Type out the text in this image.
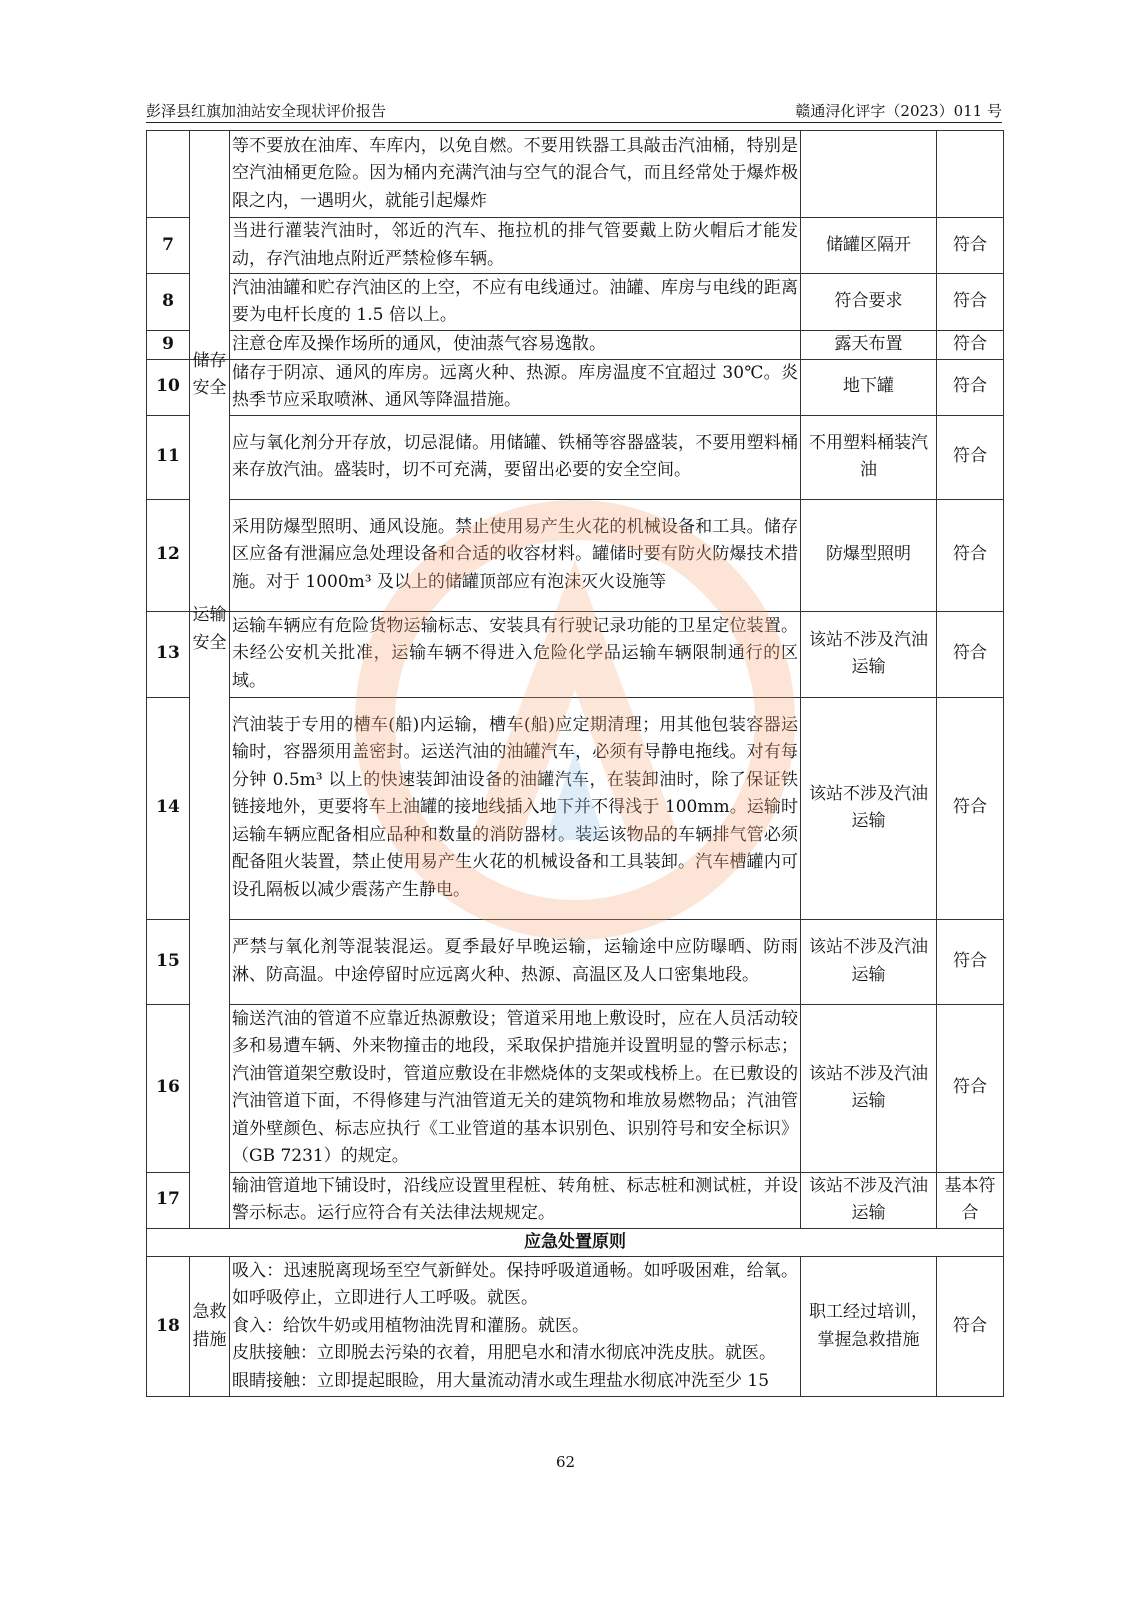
彭泽县红旗加油站安全现状评价报告	赣通浔化评字（2023）011 号
		等不要放在油库、车库内，以免自燃。不要用铁器工具敲击汽油桶，特别是空汽油桶更危险。因为桶内充满汽油与空气的混合气，而且经常处于爆炸极限之内，一遇明火，就能引起爆炸		
7		当进行灌装汽油时，邻近的汽车、拖拉机的排气管要戴上防火帽后才能发动，存汽油地点附近严禁检修车辆。	储罐区隔开	符合
8		汽油油罐和贮存汽油区的上空，不应有电线通过。油罐、库房与电线的距离要为电杆长度的 1.5 倍以上。	符合要求	符合
9		注意仓库及操作场所的通风，使油蒸气容易逸散。	露天布置	符合
10	储存安全	储存于阴凉、通风的库房。远离火种、热源。库房温度不宜超过 30℃。炎热季节应采取喷淋、通风等降温措施。	地下罐	符合
11		应与氧化剂分开存放，切忌混储。用储罐、铁桶等容器盛装，不要用塑料桶来存放汽油。盛装时，切不可充满，要留出必要的安全空间。	不用塑料桶装汽油	符合
12		采用防爆型照明、通风设施。禁止使用易产生火花的机械设备和工具。储存区应备有泄漏应急处理设备和合适的收容材料。罐储时要有防火防爆技术措施。对于 1000m³ 及以上的储罐顶部应有泡沫灭火设施等	防爆型照明	符合
13	运输安全	运输车辆应有危险货物运输标志、安装具有行驶记录功能的卫星定位装置。未经公安机关批准，运输车辆不得进入危险化学品运输车辆限制通行的区域。	该站不涉及汽油运输	符合
14		汽油装于专用的槽车(船)内运输，槽车(船)应定期清理；用其他包装容器运输时，容器须用盖密封。运送汽油的油罐汽车，必须有导静电拖线。对有每分钟 0.5m³ 以上的快速装卸油设备的油罐汽车，在装卸油时，除了保证铁链接地外，更要将车上油罐的接地线插入地下并不得浅于 100mm。运输时运输车辆应配备相应品种和数量的消防器材。装运该物品的车辆排气管必须配备阻火装置，禁止使用易产生火花的机械设备和工具装卸。汽车槽罐内可设孔隔板以减少震荡产生静电。	该站不涉及汽油运输	符合
15		严禁与氧化剂等混装混运。夏季最好早晚运输，运输途中应防曝晒、防雨淋、防高温。中途停留时应远离火种、热源、高温区及人口密集地段。	该站不涉及汽油运输	符合
16		输送汽油的管道不应靠近热源敷设；管道采用地上敷设时，应在人员活动较多和易遭车辆、外来物撞击的地段，采取保护措施并设置明显的警示标志；汽油管道架空敷设时，管道应敷设在非燃烧体的支架或栈桥上。在已敷设的汽油管道下面，不得修建与汽油管道无关的建筑物和堆放易燃物品；汽油管道外壁颜色、标志应执行《工业管道的基本识别色、识别符号和安全标识》（GB 7231）的规定。	该站不涉及汽油运输	符合
17		输油管道地下铺设时，沿线应设置里程桩、转角桩、标志桩和测试桩，并设警示标志。运行应符合有关法律法规规定。	该站不涉及汽油运输	基本符合
应急处置原则				
18	急救措施	吸入：迅速脱离现场至空气新鲜处。保持呼吸道通畅。如呼吸困难，给氧。如呼吸停止，立即进行人工呼吸。就医。
食入：给饮牛奶或用植物油洗胃和灌肠。就医。
皮肤接触：立即脱去污染的衣着，用肥皂水和清水彻底冲洗皮肤。就医。
眼睛接触：立即提起眼睑，用大量流动清水或生理盐水彻底冲洗至少 15	职工经过培训，掌握急救措施	符合
62
